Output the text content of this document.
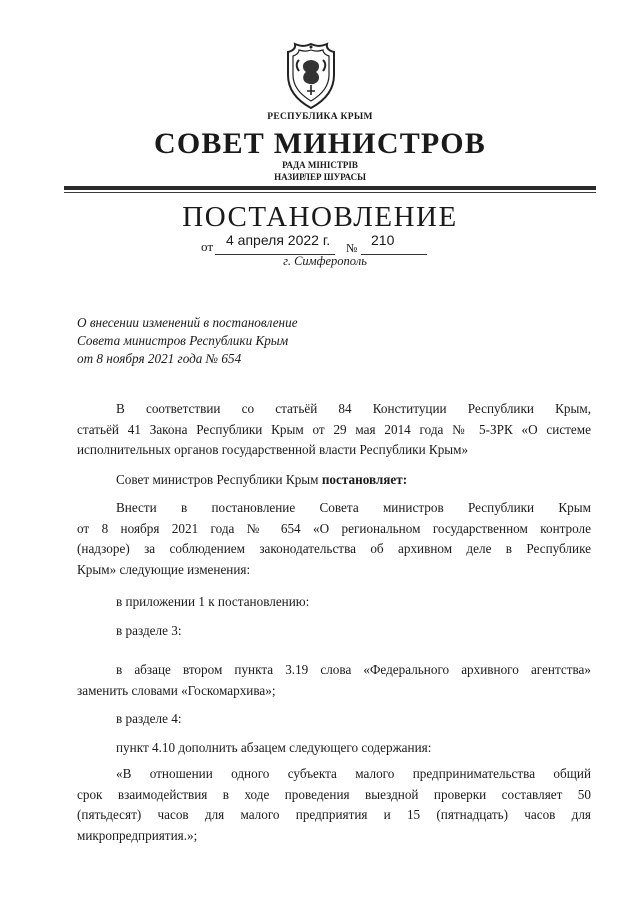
РЕСПУБЛИКА КРЫМ
СОВЕТ МИНИСТРОВ
РАДА МІНІСТРІВ
НАЗИРЛЕР ШУРАСЫ
ПОСТАНОВЛЕНИЕ
от 4 апреля 2022 г. № 210
г. Симферополь
О внесении изменений в постановление
Совета министров Республики Крым
от 8 ноября 2021 года № 654
В соответствии со статьёй 84 Конституции Республики Крым,
статьёй 41 Закона Республики Крым от 29 мая 2014 года № 5-ЗРК «О системе
исполнительных органов государственной власти Республики Крым»
Совет министров Республики Крым постановляет:
Внести в постановление Совета министров Республики Крым
от 8 ноября 2021 года № 654 «О региональном государственном контроле
(надзоре) за соблюдением законодательства об архивном деле в Республике
Крым» следующие изменения:
в приложении 1 к постановлению:
в разделе 3:
в абзаце втором пункта 3.19 слова «Федерального архивного агентства»
заменить словами «Госкомархива»;
в разделе 4:
пункт 4.10 дополнить абзацем следующего содержания:
«В отношении одного субъекта малого предпринимательства общий
срок взаимодействия в ходе проведения выездной проверки составляет 50
(пятьдесят) часов для малого предприятия и 15 (пятнадцать) часов для
микропредприятия.»;
